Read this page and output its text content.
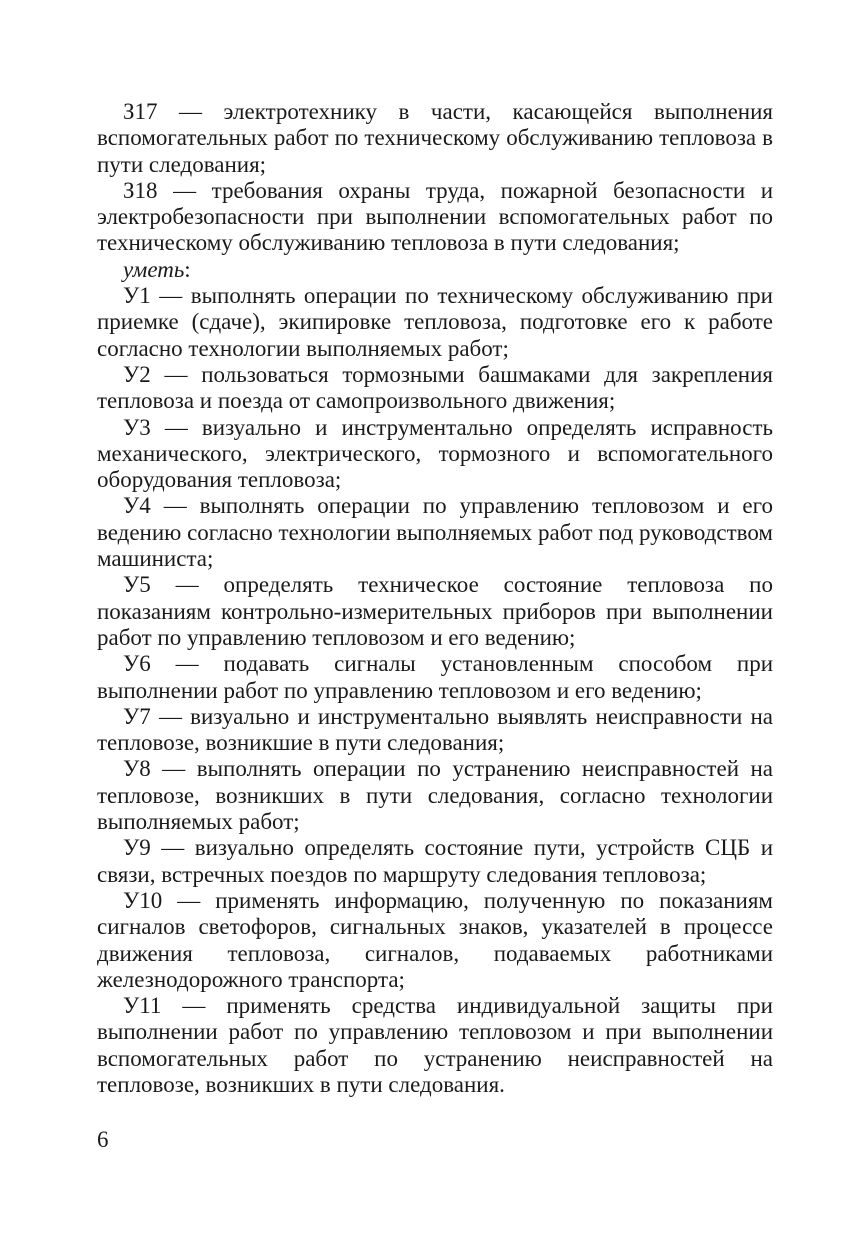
З17 — электротехнику в части, касающейся выполнения вспомогательных работ по техническому обслуживанию тепловоза в пути следования;

З18 — требования охраны труда, пожарной безопасности и электробезопасности при выполнении вспомогательных работ по техническому обслуживанию тепловоза в пути следования;

уметь:

У1 — выполнять операции по техническому обслуживанию при приемке (сдаче), экипировке тепловоза, подготовке его к работе согласно технологии выполняемых работ;

У2 — пользоваться тормозными башмаками для закрепления тепловоза и поезда от самопроизвольного движения;

У3 — визуально и инструментально определять исправность механического, электрического, тормозного и вспомогательного оборудования тепловоза;

У4 — выполнять операции по управлению тепловозом и его ведению согласно технологии выполняемых работ под руководством машиниста;

У5 — определять техническое состояние тепловоза по показаниям контрольно-измерительных приборов при выполнении работ по управлению тепловозом и его ведению;

У6 — подавать сигналы установленным способом при выполнении работ по управлению тепловозом и его ведению;

У7 — визуально и инструментально выявлять неисправности на тепловозе, возникшие в пути следования;

У8 — выполнять операции по устранению неисправностей на тепловозе, возникших в пути следования, согласно технологии выполняемых работ;

У9 — визуально определять состояние пути, устройств СЦБ и связи, встречных поездов по маршруту следования тепловоза;

У10 — применять информацию, полученную по показаниям сигналов светофоров, сигнальных знаков, указателей в процессе движения тепловоза, сигналов, подаваемых работниками железнодорожного транспорта;

У11 — применять средства индивидуальной защиты при выполнении работ по управлению тепловозом и при выполнении вспомогательных работ по устранению неисправностей на тепловозе, возникших в пути следования.

6
